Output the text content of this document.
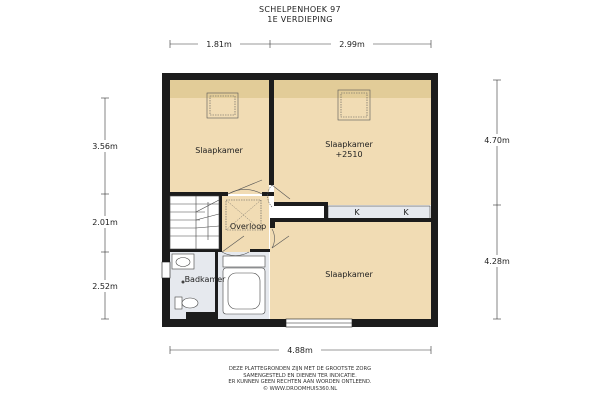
SCHELPENHOEK 97
1E VERDIEPING
Slaapkamer
Slaapkamer
+2510
Overloop
Badkamer
Slaapkamer
K	K
1.81m	2.99m
4.88m
3.56m
2.01m
2.52m
4.70m
4.28m
DEZE PLATTEGRONDEN ZIJN MET DE GROOTSTE ZORG
SAMENGESTELD EN DIENEN TER INDICATIE.
ER KUNNEN GEEN RECHTEN AAN WORDEN ONTLEEND.
© WWW.DROOMHUIS360.NL
